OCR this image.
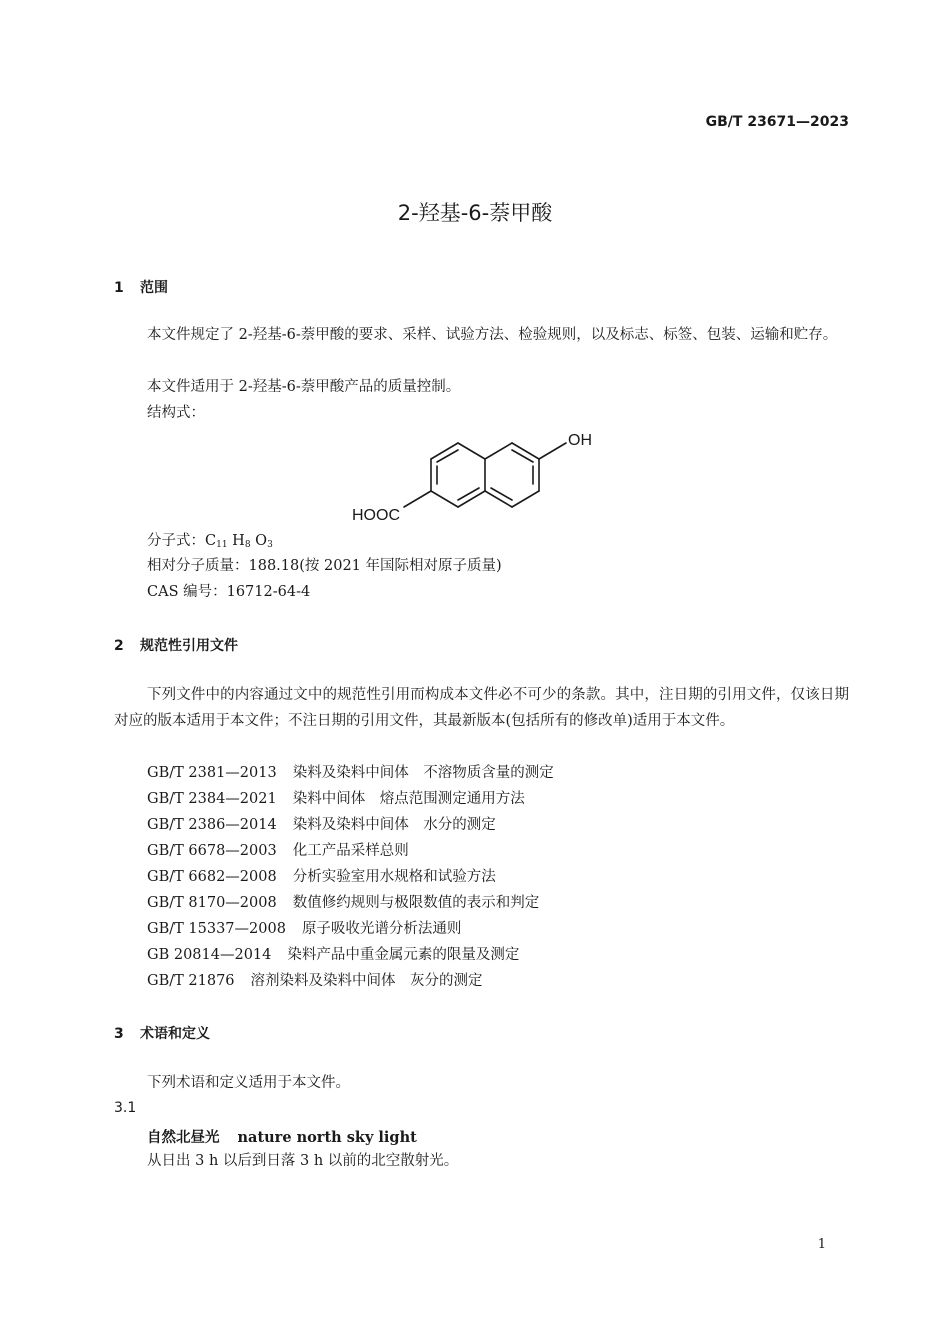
GB/T 23671—2023
2-羟基-6-萘甲酸
1 范围
本文件规定了 2-羟基-6-萘甲酸的要求、采样、试验方法、检验规则，以及标志、标签、包装、运输和贮存。
本文件适用于 2-羟基-6-萘甲酸产品的质量控制。
结构式：
OH
HOOC
分子式：$C_{11}$ $H_8$ $O_3$
相对分子质量：188.18(按 2021 年国际相对原子质量)
CAS 编号：16712-64-4
2 规范性引用文件
下列文件中的内容通过文中的规范性引用而构成本文件必不可少的条款。其中，注日期的引用文件，仅该日期对应的版本适用于本文件；不注日期的引用文件，其最新版本(包括所有的修改单)适用于本文件。
GB/T 2381—2013 染料及染料中间体　不溶物质含量的测定
GB/T 2384—2021 染料中间体　熔点范围测定通用方法
GB/T 2386—2014 染料及染料中间体　水分的测定
GB/T 6678—2003 化工产品采样总则
GB/T 6682—2008 分析实验室用水规格和试验方法
GB/T 8170—2008 数值修约规则与极限数值的表示和判定
GB/T 15337—2008 原子吸收光谱分析法通则
GB 20814—2014 染料产品中重金属元素的限量及测定
GB/T 21876 溶剂染料及染料中间体　灰分的测定
3 术语和定义
下列术语和定义适用于本文件。
3.1
自然北昼光 nature north sky light
从日出 3 h 以后到日落 3 h 以前的北空散射光。
1
